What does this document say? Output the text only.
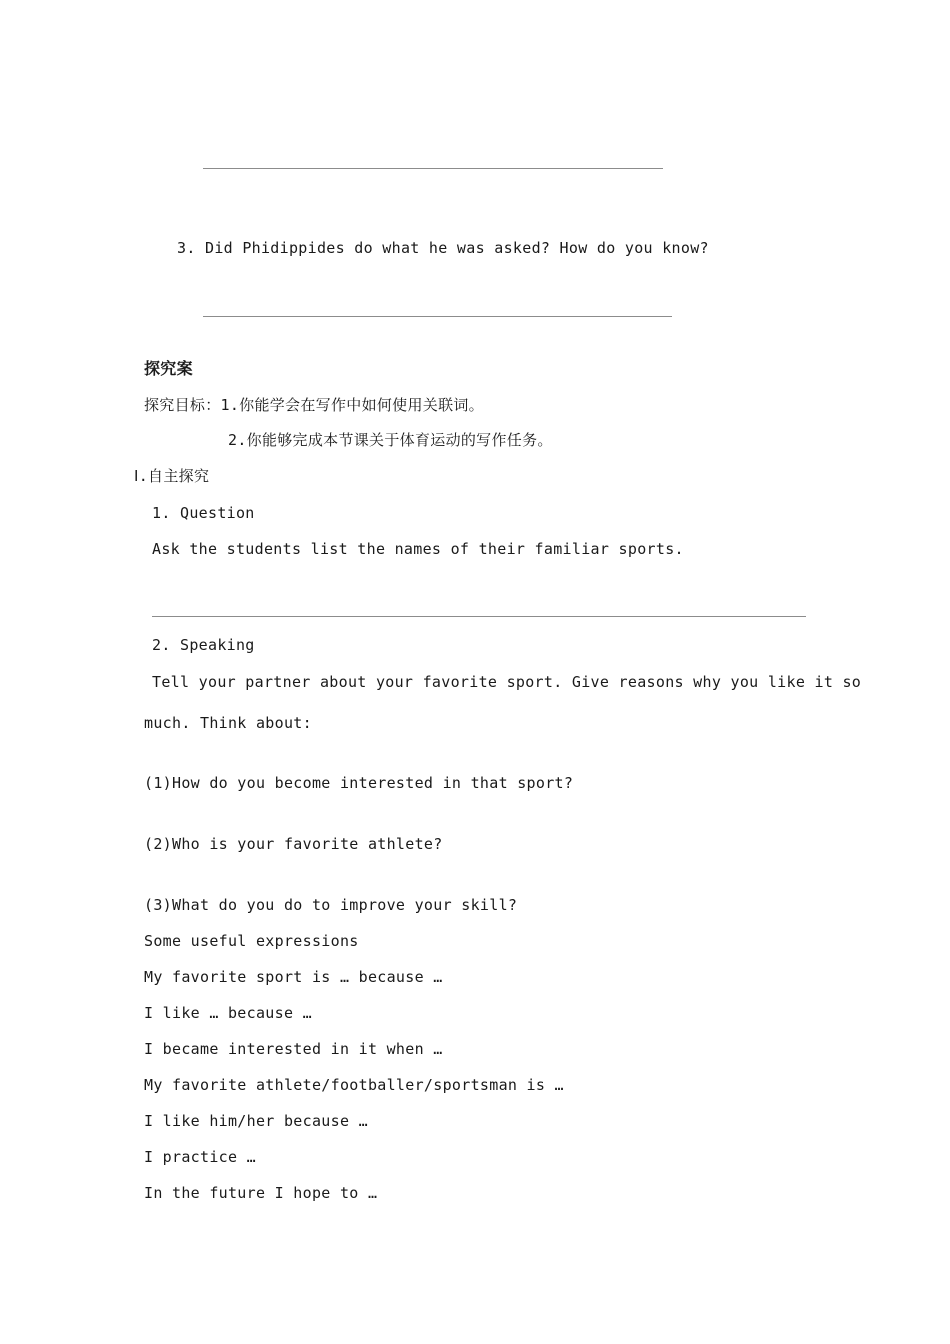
3. Did Phidippides do what he was asked? How do you know?
探究案
探究目标：1.你能学会在写作中如何使用关联词。
2.你能够完成本节课关于体育运动的写作任务。
Ⅰ.自主探究
1. Question
Ask the students list the names of their familiar sports.
2. Speaking
Tell your partner about your favorite sport. Give reasons why you like it so
much. Think about:
(1)How do you become interested in that sport?
(2)Who is your favorite athlete?
(3)What do you do to improve your skill?
Some useful expressions
My favorite sport is … because …
I like … because …
I became interested in it when …
My favorite athlete/footballer/sportsman is …
I like him/her because …
I practice …
In the future I hope to …
